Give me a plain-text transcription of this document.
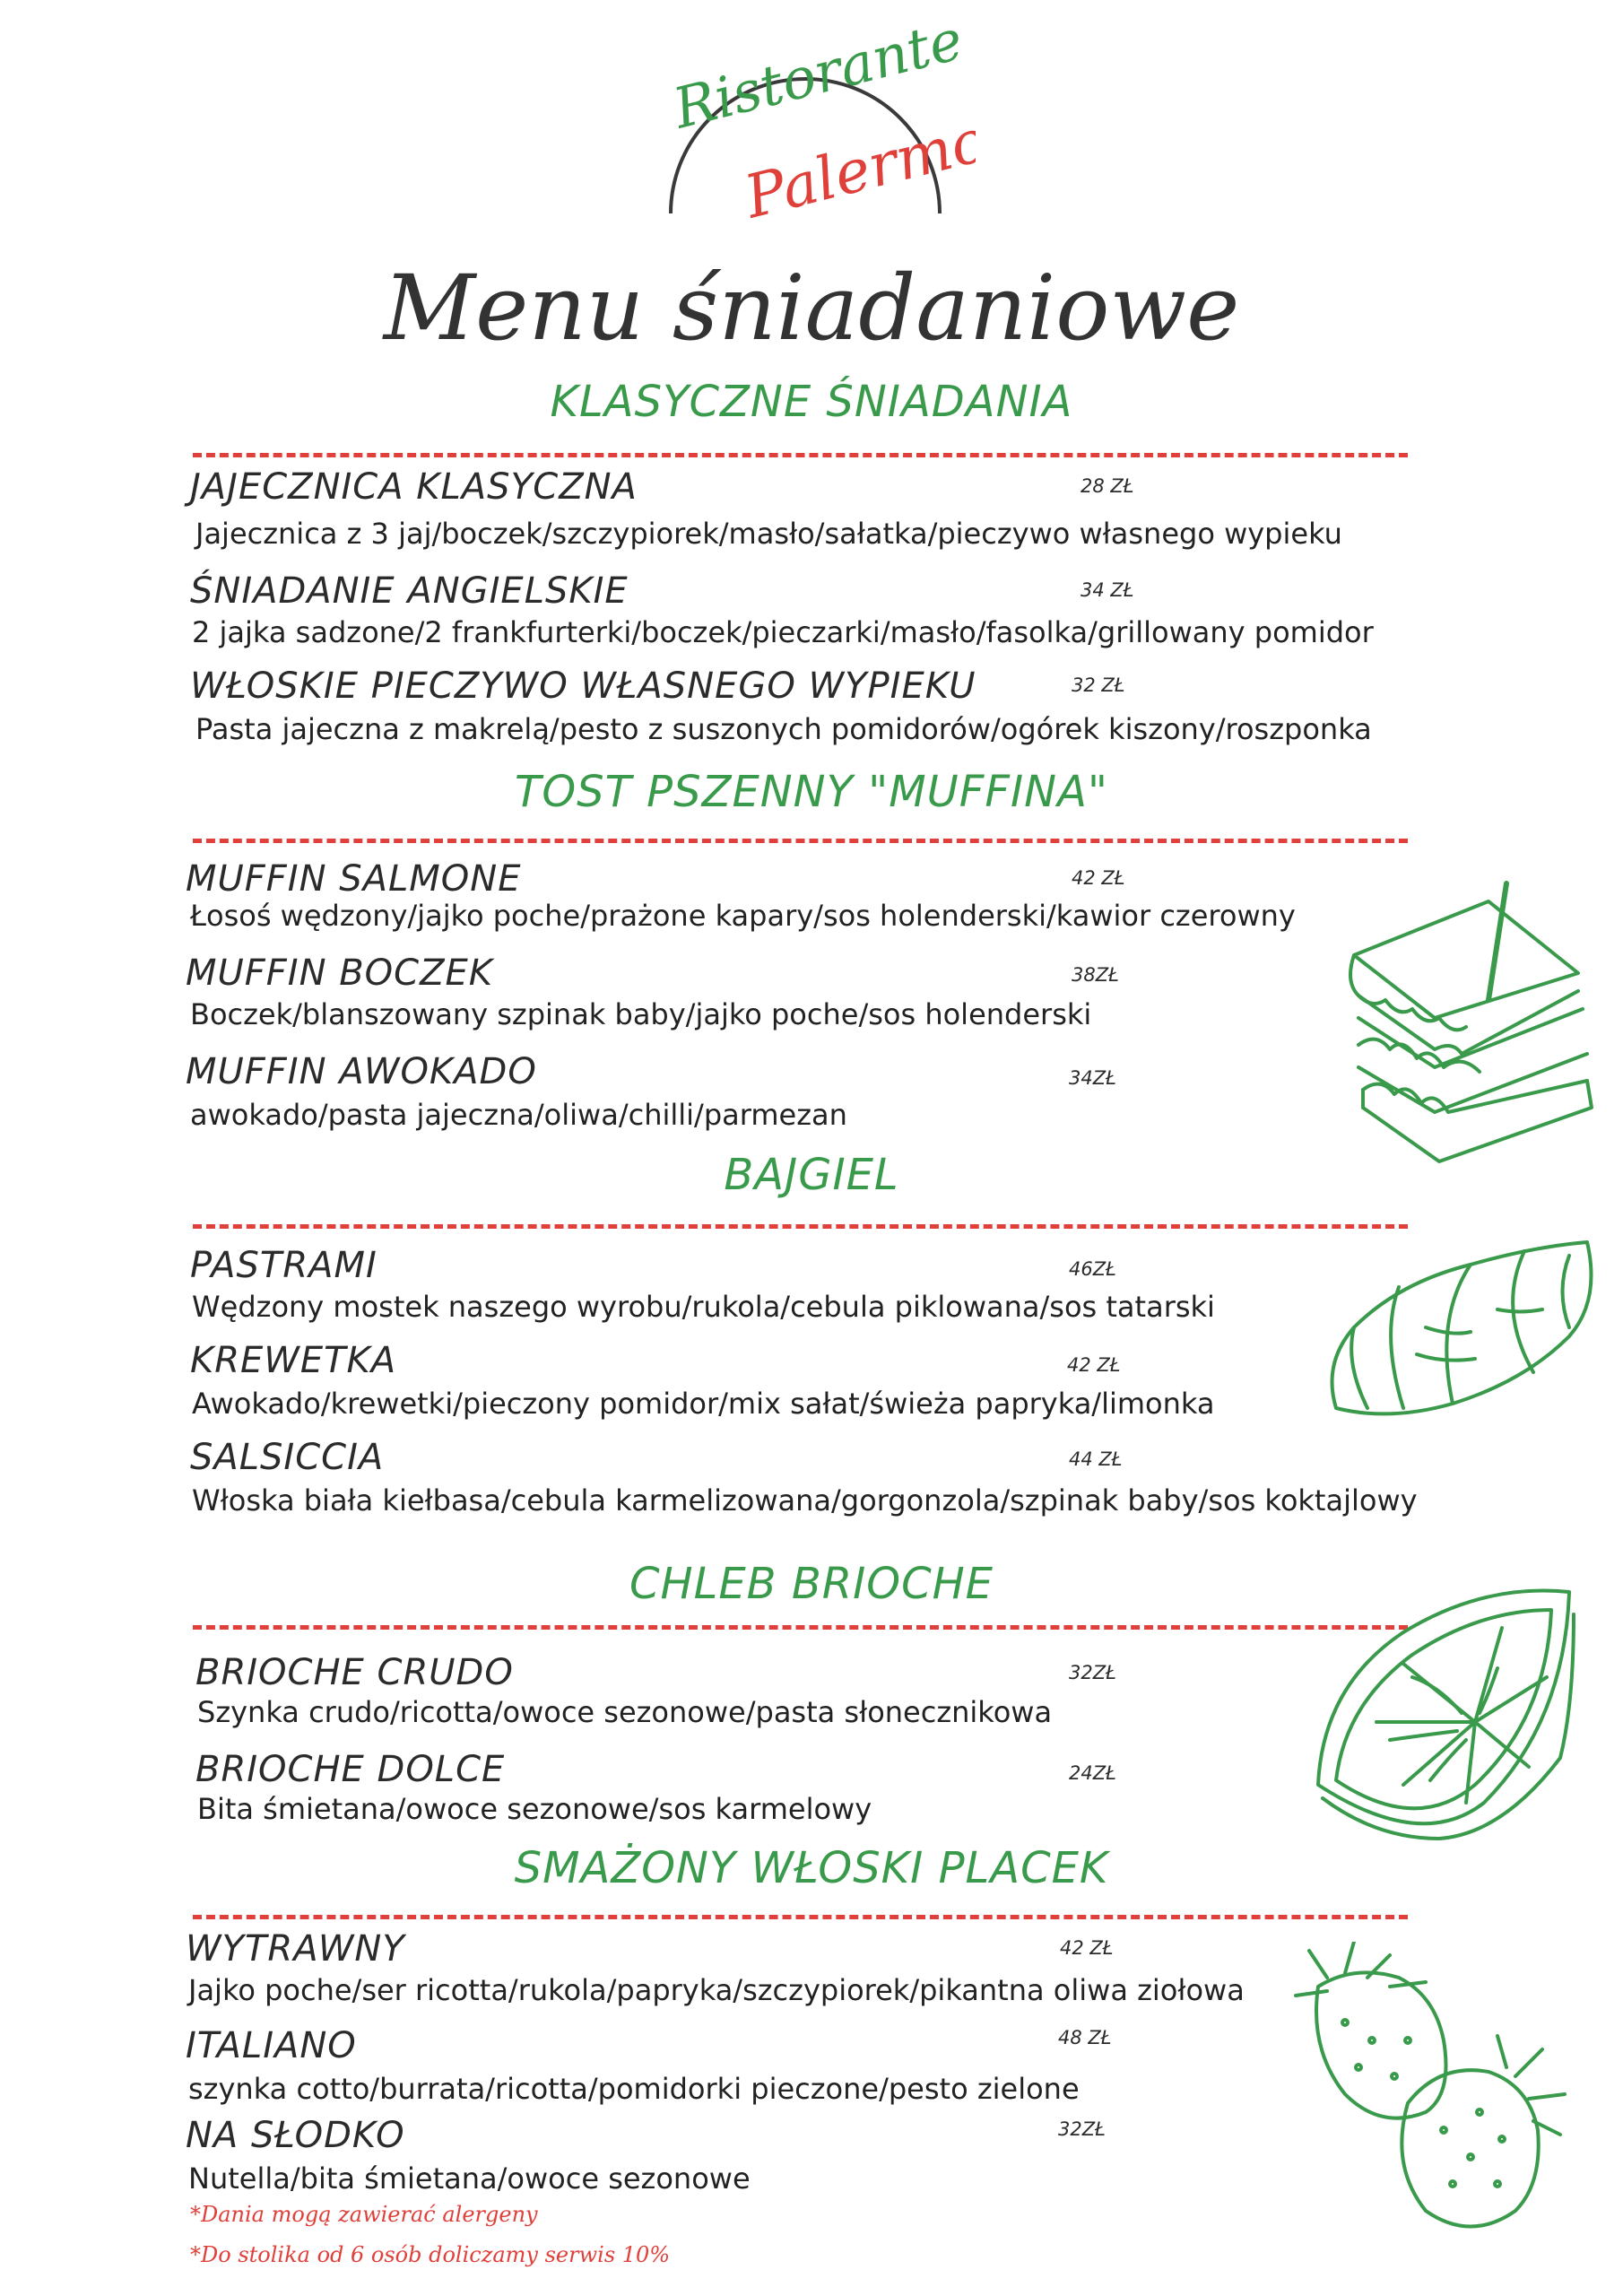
Ristorante
Palermo
Menu śniadaniowe
KLASYCZNE ŚNIADANIA
JAJECZNICA KLASYCZNA	28 ZŁ
Jajecznica z 3 jaj/boczek/szczypiorek/masło/sałatka/pieczywo własnego wypieku
ŚNIADANIE ANGIELSKIE	34 ZŁ
2 jajka sadzone/2 frankfurterki/boczek/pieczarki/masło/fasolka/grillowany pomidor
WŁOSKIE PIECZYWO WŁASNEGO WYPIEKU	32 ZŁ
Pasta jajeczna z makrelą/pesto z suszonych pomidorów/ogórek kiszony/roszponka
TOST PSZENNY "MUFFINA"
MUFFIN SALMONE	42 ZŁ
Łosoś wędzony/jajko poche/prażone kapary/sos holenderski/kawior czerowny
MUFFIN BOCZEK	38ZŁ
Boczek/blanszowany szpinak baby/jajko poche/sos holenderski
MUFFIN AWOKADO	34ZŁ
awokado/pasta jajeczna/oliwa/chilli/parmezan
BAJGIEL
PASTRAMI	46ZŁ
Wędzony mostek naszego wyrobu/rukola/cebula piklowana/sos tatarski
KREWETKA	42 ZŁ
Awokado/krewetki/pieczony pomidor/mix sałat/świeża papryka/limonka
SALSICCIA	44 ZŁ
Włoska biała kiełbasa/cebula karmelizowana/gorgonzola/szpinak baby/sos koktajlowy
CHLEB BRIOCHE
BRIOCHE CRUDO	32ZŁ
Szynka crudo/ricotta/owoce sezonowe/pasta słonecznikowa
BRIOCHE DOLCE	24ZŁ
Bita śmietana/owoce sezonowe/sos karmelowy
SMAŻONY WŁOSKI PLACEK
WYTRAWNY	42 ZŁ
Jajko poche/ser ricotta/rukola/papryka/szczypiorek/pikantna oliwa ziołowa
ITALIANO	48 ZŁ
szynka cotto/burrata/ricotta/pomidorki pieczone/pesto zielone
NA SŁODKO	32ZŁ
Nutella/bita śmietana/owoce sezonowe
*Dania mogą zawierać alergeny
*Do stolika od 6 osób doliczamy serwis 10%
